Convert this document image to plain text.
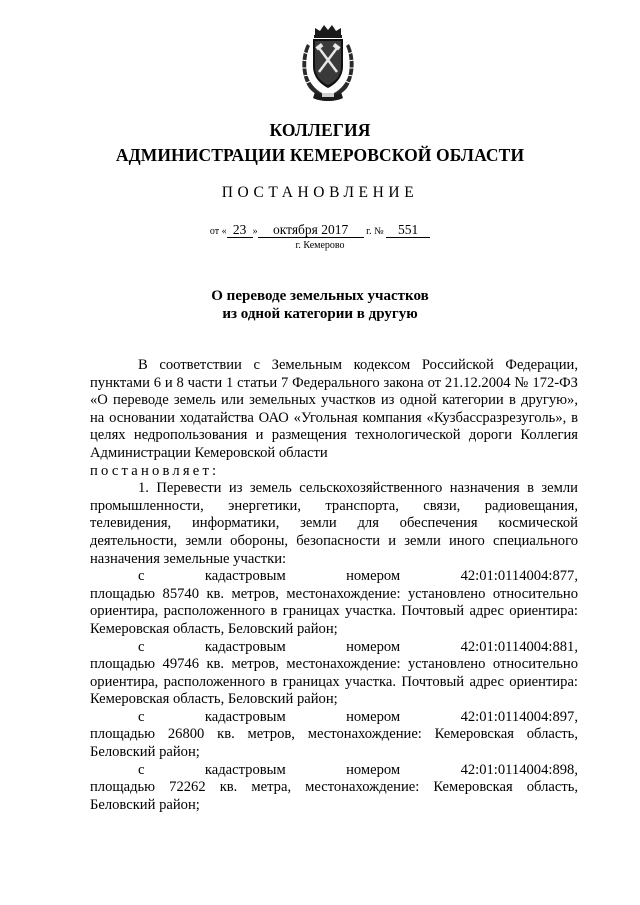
КОЛЛЕГИЯ
АДМИНИСТРАЦИИ КЕМЕРОВСКОЙ ОБЛАСТИ
ПОСТАНОВЛЕНИЕ
от « 23 » октября 2017 г. № 551
г. Кемерово
О переводе земельных участков
из одной категории в другую

В соответствии с Земельным кодексом Российской Федерации, пунктами 6 и 8 части 1 статьи 7 Федерального закона от 21.12.2004 № 172-ФЗ «О переводе земель или земельных участков из одной категории в другую», на основании ходатайства ОАО «Угольная компания «Кузбассразрезуголь», в целях недропользования и размещения технологической дороги Коллегия Администрации Кемеровской области

постановляет:

1. Перевести из земель сельскохозяйственного назначения в земли промышленности, энергетики, транспорта, связи, радиовещания, телевидения, информатики, земли для обеспечения космической деятельности, земли обороны, безопасности и земли иного специального назначения земельные участки:

с	кадастровым	номером	42:01:0114004:877,

площадью 85740 кв. метров, местонахождение: установлено относительно ориентира, расположенного в границах участка. Почтовый адрес ориентира: Кемеровская область, Беловский район;

с	кадастровым	номером	42:01:0114004:881,

площадью 49746 кв. метров, местонахождение: установлено относительно ориентира, расположенного в границах участка. Почтовый адрес ориентира: Кемеровская область, Беловский район;

с	кадастровым	номером	42:01:0114004:897,

площадью 26800 кв. метров, местонахождение: Кемеровская область, Беловский район;

с	кадастровым	номером	42:01:0114004:898,

площадью 72262 кв. метра, местонахождение: Кемеровская область, Беловский район;
